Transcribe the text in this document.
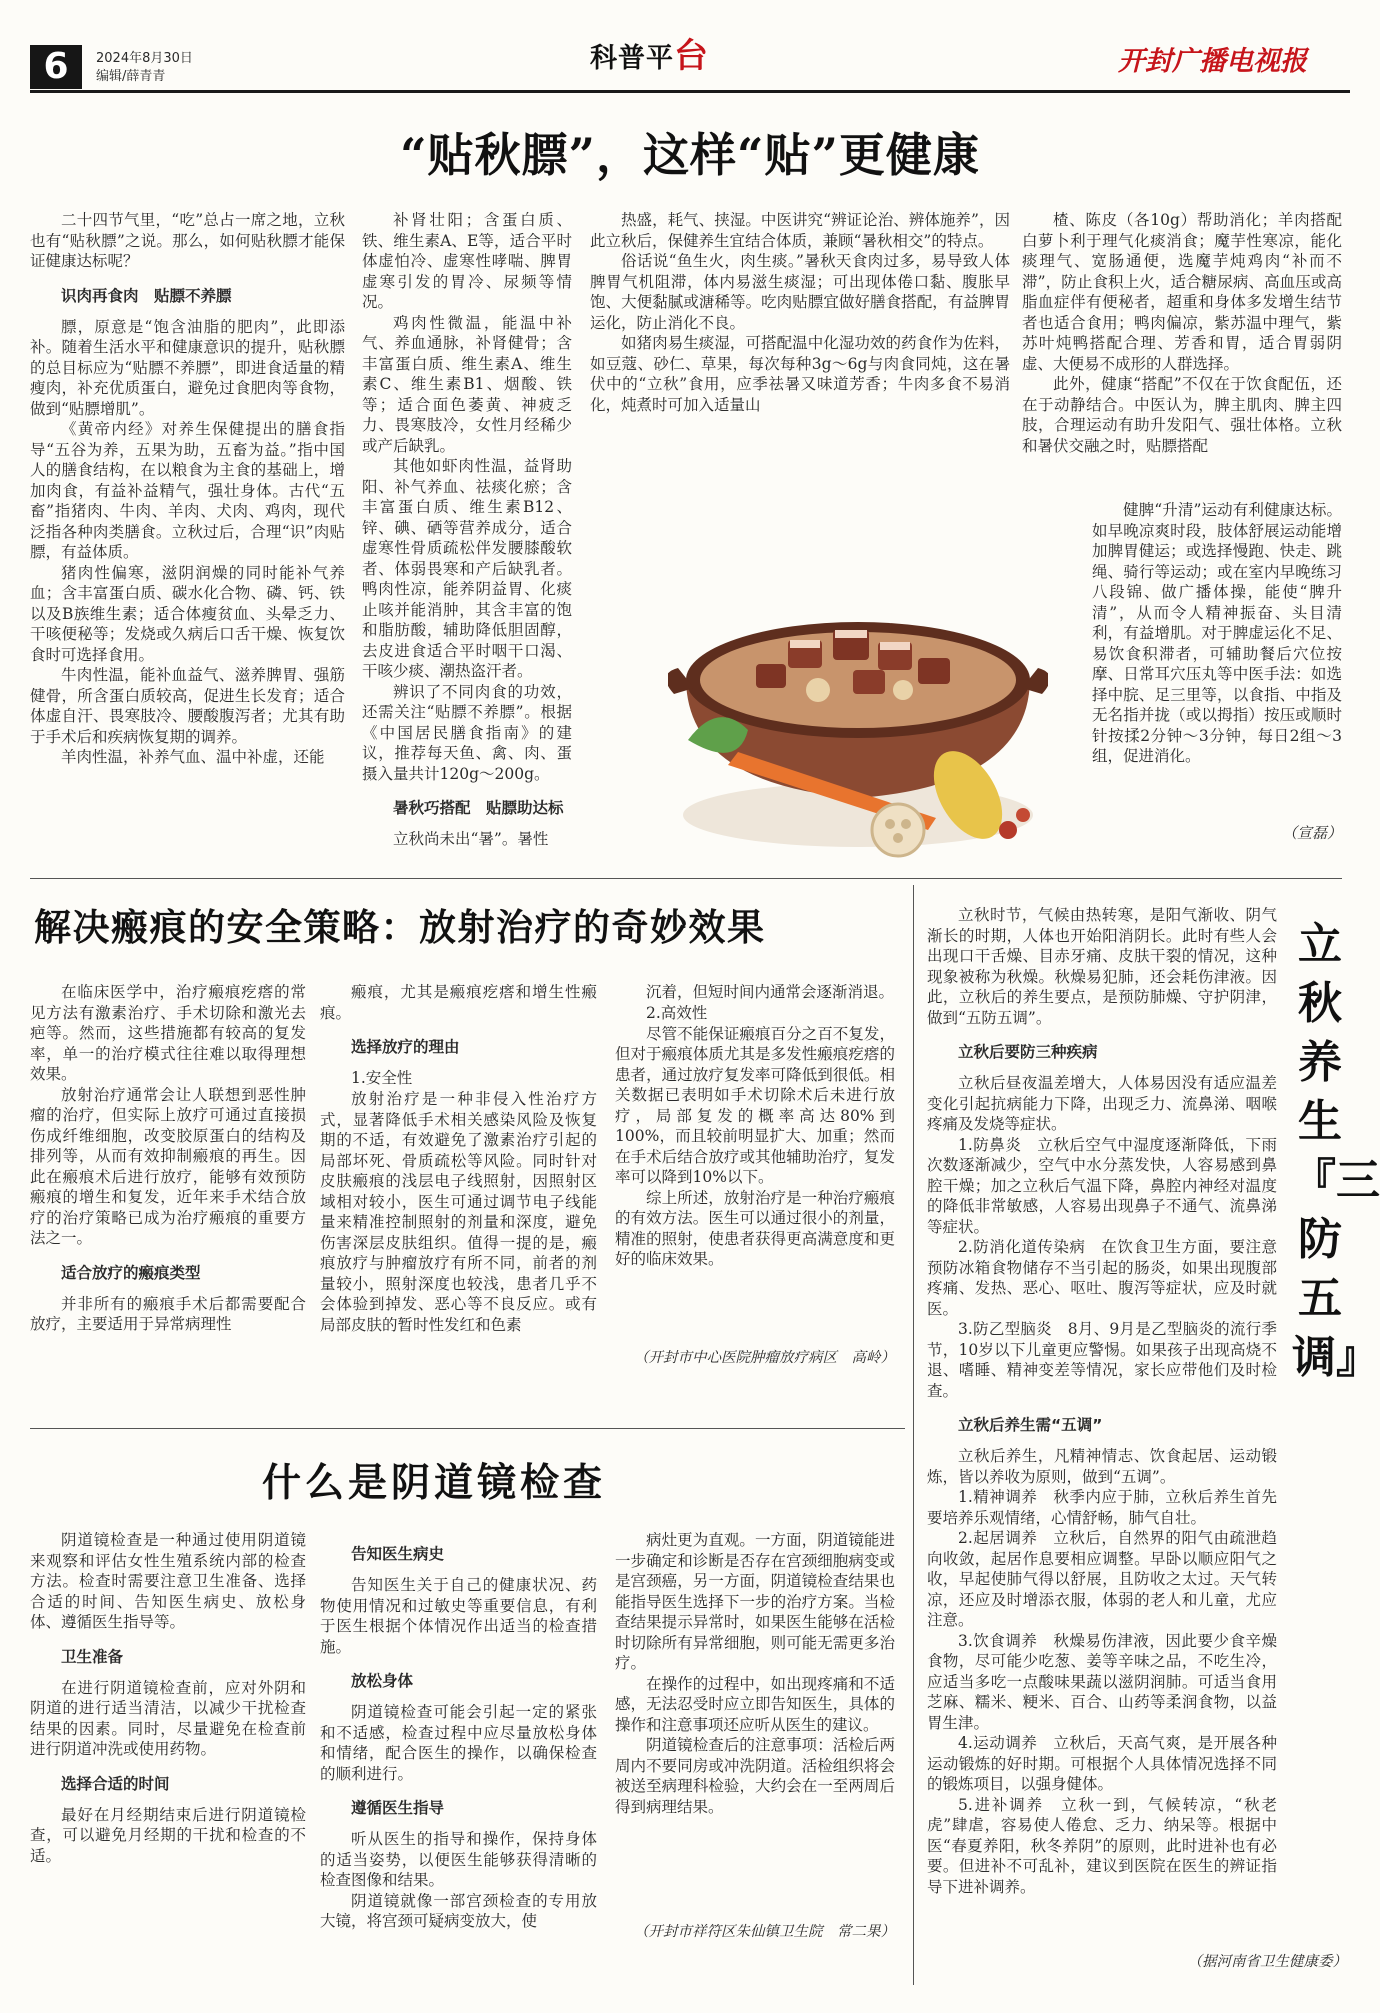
6	2024年8月30日
编辑/薛青青
科普平台	开封广播电视报
“贴秋膘”，这样“贴”更健康

二十四节气里，“吃”总占一席之地，立秋也有“贴秋膘”之说。那么，如何贴秋膘才能保证健康达标呢？

识肉再食肉　贴膘不养膘

膘，原意是“饱含油脂的肥肉”，此即添补。随着生活水平和健康意识的提升，贴秋膘的总目标应为“贴膘不养膘”，即进食适量的精瘦肉，补充优质蛋白，避免过食肥肉等食物，做到“贴膘增肌”。

《黄帝内经》对养生保健提出的膳食指导“五谷为养，五果为助，五畜为益。”指中国人的膳食结构，在以粮食为主食的基础上，增加肉食，有益补益精气，强壮身体。古代“五畜”指猪肉、牛肉、羊肉、犬肉、鸡肉，现代泛指各种肉类膳食。立秋过后，合理“识”肉贴膘，有益体质。

猪肉性偏寒，滋阴润燥的同时能补气养血；含丰富蛋白质、碳水化合物、磷、钙、铁以及B族维生素；适合体瘦贫血、头晕乏力、干咳便秘等；发烧或久病后口舌干燥、恢复饮食时可选择食用。

牛肉性温，能补血益气、滋养脾胃、强筋健骨，所含蛋白质较高，促进生长发育；适合体虚自汗、畏寒肢冷、腰酸腹泻者；尤其有助于手术后和疾病恢复期的调养。

羊肉性温，补养气血、温中补虚，还能

补肾壮阳；含蛋白质、铁、维生素A、E等，适合平时体虚怕冷、虚寒性哮喘、脾胃虚寒引发的胃冷、尿频等情况。

鸡肉性微温，能温中补气、养血通脉，补肾健骨；含丰富蛋白质、维生素A、维生素C、维生素B1、烟酸、铁等；适合面色萎黄、神疲乏力、畏寒肢冷，女性月经稀少或产后缺乳。

其他如虾肉性温，益肾助阳、补气养血、祛痰化瘀；含丰富蛋白质、维生素B12、锌、碘、硒等营养成分，适合虚寒性骨质疏松伴发腰膝酸软者、体弱畏寒和产后缺乳者。鸭肉性凉，能养阴益胃、化痰止咳并能消肿，其含丰富的饱和脂肪酸，辅助降低胆固醇，去皮进食适合平时咽干口渴、干咳少痰、潮热盗汗者。

辨识了不同肉食的功效，还需关注“贴膘不养膘”。根据《中国居民膳食指南》的建议，推荐每天鱼、禽、肉、蛋摄入量共计120g～200g。

暑秋巧搭配　贴膘助达标

立秋尚未出“暑”。暑性

热盛，耗气、挟湿。中医讲究“辨证论治、辨体施养”，因此立秋后，保健养生宜结合体质，兼顾“暑秋相交”的特点。

俗话说“鱼生火，肉生痰。”暑秋天食肉过多，易导致人体脾胃气机阻滞，体内易滋生痰湿；可出现体倦口黏、腹胀早饱、大便黏腻或溏稀等。吃肉贴膘宜做好膳食搭配，有益脾胃运化，防止消化不良。

如猪肉易生痰湿，可搭配温中化湿功效的药食作为佐料，如豆蔻、砂仁、草果，每次每种3g～6g与肉食同炖，这在暑伏中的“立秋”食用，应季祛暑又味道芳香；牛肉多食不易消化，炖煮时可加入适量山

楂、陈皮（各10g）帮助消化；羊肉搭配白萝卜利于理气化痰消食；魔芋性寒凉，能化痰理气、宽肠通便，选魔芋炖鸡肉“补而不滞”，防止食积上火，适合糖尿病、高血压或高脂血症伴有便秘者，超重和身体多发增生结节者也适合食用；鸭肉偏凉，紫苏温中理气，紫苏叶炖鸭搭配合理、芳香和胃，适合胃弱阴虚、大便易不成形的人群选择。

此外，健康“搭配”不仅在于饮食配伍，还在于动静结合。中医认为，脾主肌肉、脾主四肢，合理运动有助升发阳气、强壮体格。立秋和暑伏交融之时，贴膘搭配

健脾“升清”运动有利健康达标。如早晚凉爽时段，肢体舒展运动能增加脾胃健运；或选择慢跑、快走、跳绳、骑行等运动；或在室内早晚练习八段锦、做广播体操，能使“脾升清”，从而令人精神振奋、头目清利，有益增肌。对于脾虚运化不足、易饮食积滞者，可辅助餐后穴位按摩、日常耳穴压丸等中医手法：如选择中脘、足三里等，以食指、中指及无名指并拢（或以拇指）按压或顺时针按揉2分钟～3分钟，每日2组～3组，促进消化。

（宣磊）
解决瘢痕的安全策略：放射治疗的奇妙效果

在临床医学中，治疗瘢痕疙瘩的常见方法有激素治疗、手术切除和激光去疤等。然而，这些措施都有较高的复发率，单一的治疗模式往往难以取得理想效果。

放射治疗通常会让人联想到恶性肿瘤的治疗，但实际上放疗可通过直接损伤成纤维细胞，改变胶原蛋白的结构及排列等，从而有效抑制瘢痕的再生。因此在瘢痕术后进行放疗，能够有效预防瘢痕的增生和复发，近年来手术结合放疗的治疗策略已成为治疗瘢痕的重要方法之一。

适合放疗的瘢痕类型

并非所有的瘢痕手术后都需要配合放疗，主要适用于异常病理性

瘢痕，尤其是瘢痕疙瘩和增生性瘢痕。

选择放疗的理由
1.安全性

放射治疗是一种非侵入性治疗方式，显著降低手术相关感染风险及恢复期的不适，有效避免了激素治疗引起的局部坏死、骨质疏松等风险。同时针对皮肤瘢痕的浅层电子线照射，因照射区域相对较小，医生可通过调节电子线能量来精准控制照射的剂量和深度，避免伤害深层皮肤组织。值得一提的是，瘢痕放疗与肿瘤放疗有所不同，前者的剂量较小，照射深度也较浅，患者几乎不会体验到掉发、恶心等不良反应。或有局部皮肤的暂时性发红和色素

沉着，但短时间内通常会逐渐消退。

2.高效性

尽管不能保证瘢痕百分之百不复发，但对于瘢痕体质尤其是多发性瘢痕疙瘩的患者，通过放疗复发率可降低到很低。相关数据已表明如手术切除术后未进行放疗，局部复发的概率高达80%到100%，而且较前明显扩大、加重；然而在手术后结合放疗或其他辅助治疗，复发率可以降到10%以下。

综上所述，放射治疗是一种治疗瘢痕的有效方法。医生可以通过很小的剂量，精准的照射，使患者获得更高满意度和更好的临床效果。

（开封市中心医院肿瘤放疗病区　高岭）
什么是阴道镜检查

阴道镜检查是一种通过使用阴道镜来观察和评估女性生殖系统内部的检查方法。检查时需要注意卫生准备、选择合适的时间、告知医生病史、放松身体、遵循医生指导等。

卫生准备

在进行阴道镜检查前，应对外阴和阴道的进行适当清洁，以减少干扰检查结果的因素。同时，尽量避免在检查前进行阴道冲洗或使用药物。

选择合适的时间

最好在月经期结束后进行阴道镜检查，可以避免月经期的干扰和检查的不适。

告知医生病史

告知医生关于自己的健康状况、药物使用情况和过敏史等重要信息，有利于医生根据个体情况作出适当的检查措施。

放松身体

阴道镜检查可能会引起一定的紧张和不适感，检查过程中应尽量放松身体和情绪，配合医生的操作，以确保检查的顺利进行。

遵循医生指导

听从医生的指导和操作，保持身体的适当姿势，以便医生能够获得清晰的检查图像和结果。

阴道镜就像一部宫颈检查的专用放大镜，将宫颈可疑病变放大，使

病灶更为直观。一方面，阴道镜能进一步确定和诊断是否存在宫颈细胞病变或是宫颈癌，另一方面，阴道镜检查结果也能指导医生选择下一步的治疗方案。当检查结果提示异常时，如果医生能够在活检时切除所有异常细胞，则可能无需更多治疗。

在操作的过程中，如出现疼痛和不适感，无法忍受时应立即告知医生，具体的操作和注意事项还应听从医生的建议。

阴道镜检查后的注意事项：活检后两周内不要同房或冲洗阴道。活检组织将会被送至病理科检验，大约会在一至两周后得到病理结果。

（开封市祥符区朱仙镇卫生院　常二果）
立秋养生『三防五调』

立秋时节，气候由热转寒，是阳气渐收、阴气渐长的时期，人体也开始阳消阴长。此时有些人会出现口干舌燥、目赤牙痛、皮肤干裂的情况，这种现象被称为秋燥。秋燥易犯肺，还会耗伤津液。因此，立秋后的养生要点，是预防肺燥、守护阴津，做到“五防五调”。

立秋后要防三种疾病

立秋后昼夜温差增大，人体易因没有适应温差变化引起抗病能力下降，出现乏力、流鼻涕、咽喉疼痛及发烧等症状。

1.防鼻炎　立秋后空气中湿度逐渐降低，下雨次数逐渐减少，空气中水分蒸发快，人容易感到鼻腔干燥；加之立秋后气温下降，鼻腔内神经对温度的降低非常敏感，人容易出现鼻子不通气、流鼻涕等症状。

2.防消化道传染病　在饮食卫生方面，要注意预防冰箱食物储存不当引起的肠炎，如果出现腹部疼痛、发热、恶心、呕吐、腹泻等症状，应及时就医。

3.防乙型脑炎　8月、9月是乙型脑炎的流行季节，10岁以下儿童更应警惕。如果孩子出现高烧不退、嗜睡、精神变差等情况，家长应带他们及时检查。

立秋后养生需“五调”

立秋后养生，凡精神情志、饮食起居、运动锻炼，皆以养收为原则，做到“五调”。

1.精神调养　秋季内应于肺，立秋后养生首先要培养乐观情绪，心情舒畅，肺气自壮。

2.起居调养　立秋后，自然界的阳气由疏泄趋向收敛，起居作息要相应调整。早卧以顺应阳气之收，早起使肺气得以舒展，且防收之太过。天气转凉，还应及时增添衣服，体弱的老人和儿童，尤应注意。

3.饮食调养　秋燥易伤津液，因此要少食辛燥食物，尽可能少吃葱、姜等辛味之品，不吃生冷，应适当多吃一点酸味果蔬以滋阴润肺。可适当食用芝麻、糯米、粳米、百合、山药等柔润食物，以益胃生津。

4.运动调养　立秋后，天高气爽，是开展各种运动锻炼的好时期。可根据个人具体情况选择不同的锻炼项目，以强身健体。

5.进补调养　立秋一到，气候转凉，“秋老虎”肆虐，容易使人倦怠、乏力、纳呆等。根据中医“春夏养阳，秋冬养阴”的原则，此时进补也有必要。但进补不可乱补，建议到医院在医生的辨证指导下进补调养。

（据河南省卫生健康委）
